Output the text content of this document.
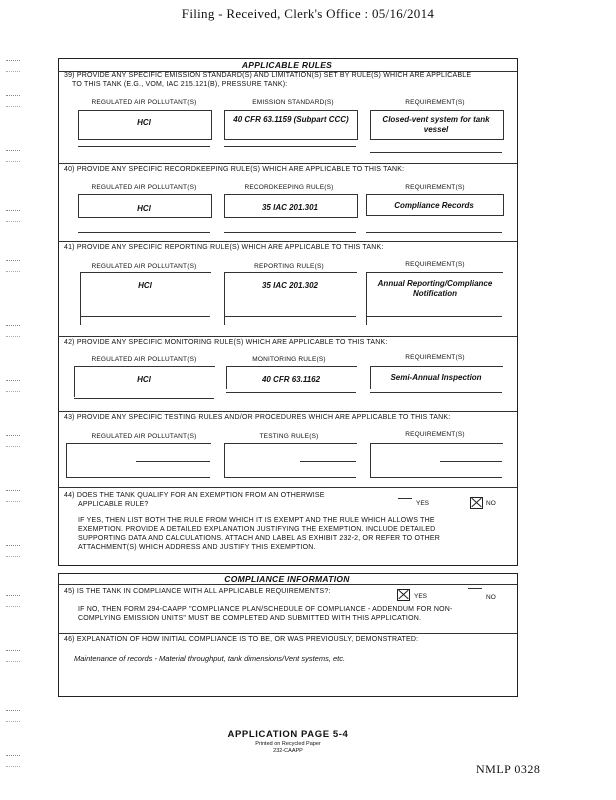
Filing - Received, Clerk's Office : 05/16/2014
APPLICABLE RULES
39) PROVIDE ANY SPECIFIC EMISSION STANDARD(S) AND LIMITATION(S) SET BY RULE(S) WHICH ARE APPLICABLE
TO THIS TANK (E.G., VOM, IAC 215.121(B), PRESSURE TANK):
REGULATED AIR POLLUTANT(S)	EMISSION STANDARD(S)	REQUIREMENT(S)
HCl	40 CFR 63.1159 (Subpart CCC)	Closed-vent system for tank vessel
40) PROVIDE ANY SPECIFIC RECORDKEEPING RULE(S) WHICH ARE APPLICABLE TO THIS TANK:
REGULATED AIR POLLUTANT(S)	RECORDKEEPING RULE(S)	REQUIREMENT(S)
HCl	35 IAC 201.301	Compliance Records
41) PROVIDE ANY SPECIFIC REPORTING RULE(S) WHICH ARE APPLICABLE TO THIS TANK:
REGULATED AIR POLLUTANT(S)	REPORTING RULE(S)	REQUIREMENT(S)
HCl	35 IAC 201.302	Annual Reporting/Compliance Notification
42) PROVIDE ANY SPECIFIC MONITORING RULE(S) WHICH ARE APPLICABLE TO THIS TANK:
REGULATED AIR POLLUTANT(S)	MONITORING RULE(S)	REQUIREMENT(S)
HCl	40 CFR 63.1162	Semi-Annual Inspection
43) PROVIDE ANY SPECIFIC TESTING RULES AND/OR PROCEDURES WHICH ARE APPLICABLE TO THIS TANK:
REGULATED AIR POLLUTANT(S)	TESTING RULE(S)	REQUIREMENT(S)
44) DOES THE TANK QUALIFY FOR AN EXEMPTION FROM AN OTHERWISE
APPLICABLE RULE?	YES	NO
IF YES, THEN LIST BOTH THE RULE FROM WHICH IT IS EXEMPT AND THE RULE WHICH ALLOWS THE
EXEMPTION. PROVIDE A DETAILED EXPLANATION JUSTIFYING THE EXEMPTION. INCLUDE DETAILED
SUPPORTING DATA AND CALCULATIONS. ATTACH AND LABEL AS EXHIBIT 232-2, OR REFER TO OTHER
ATTACHMENT(S) WHICH ADDRESS AND JUSTIFY THIS EXEMPTION.
COMPLIANCE INFORMATION
45) IS THE TANK IN COMPLIANCE WITH ALL APPLICABLE REQUIREMENTS?:
YES	NO
IF NO, THEN FORM 294-CAAPP "COMPLIANCE PLAN/SCHEDULE OF COMPLIANCE - ADDENDUM FOR NON-
COMPLYING EMISSION UNITS" MUST BE COMPLETED AND SUBMITTED WITH THIS APPLICATION.
46) EXPLANATION OF HOW INITIAL COMPLIANCE IS TO BE, OR WAS PREVIOUSLY, DEMONSTRATED:
Maintenance of records - Material throughput, tank dimensions/Vent systems, etc.
APPLICATION PAGE 5-4
Printed on Recycled Paper
232-CAAPP
NMLP 0328
